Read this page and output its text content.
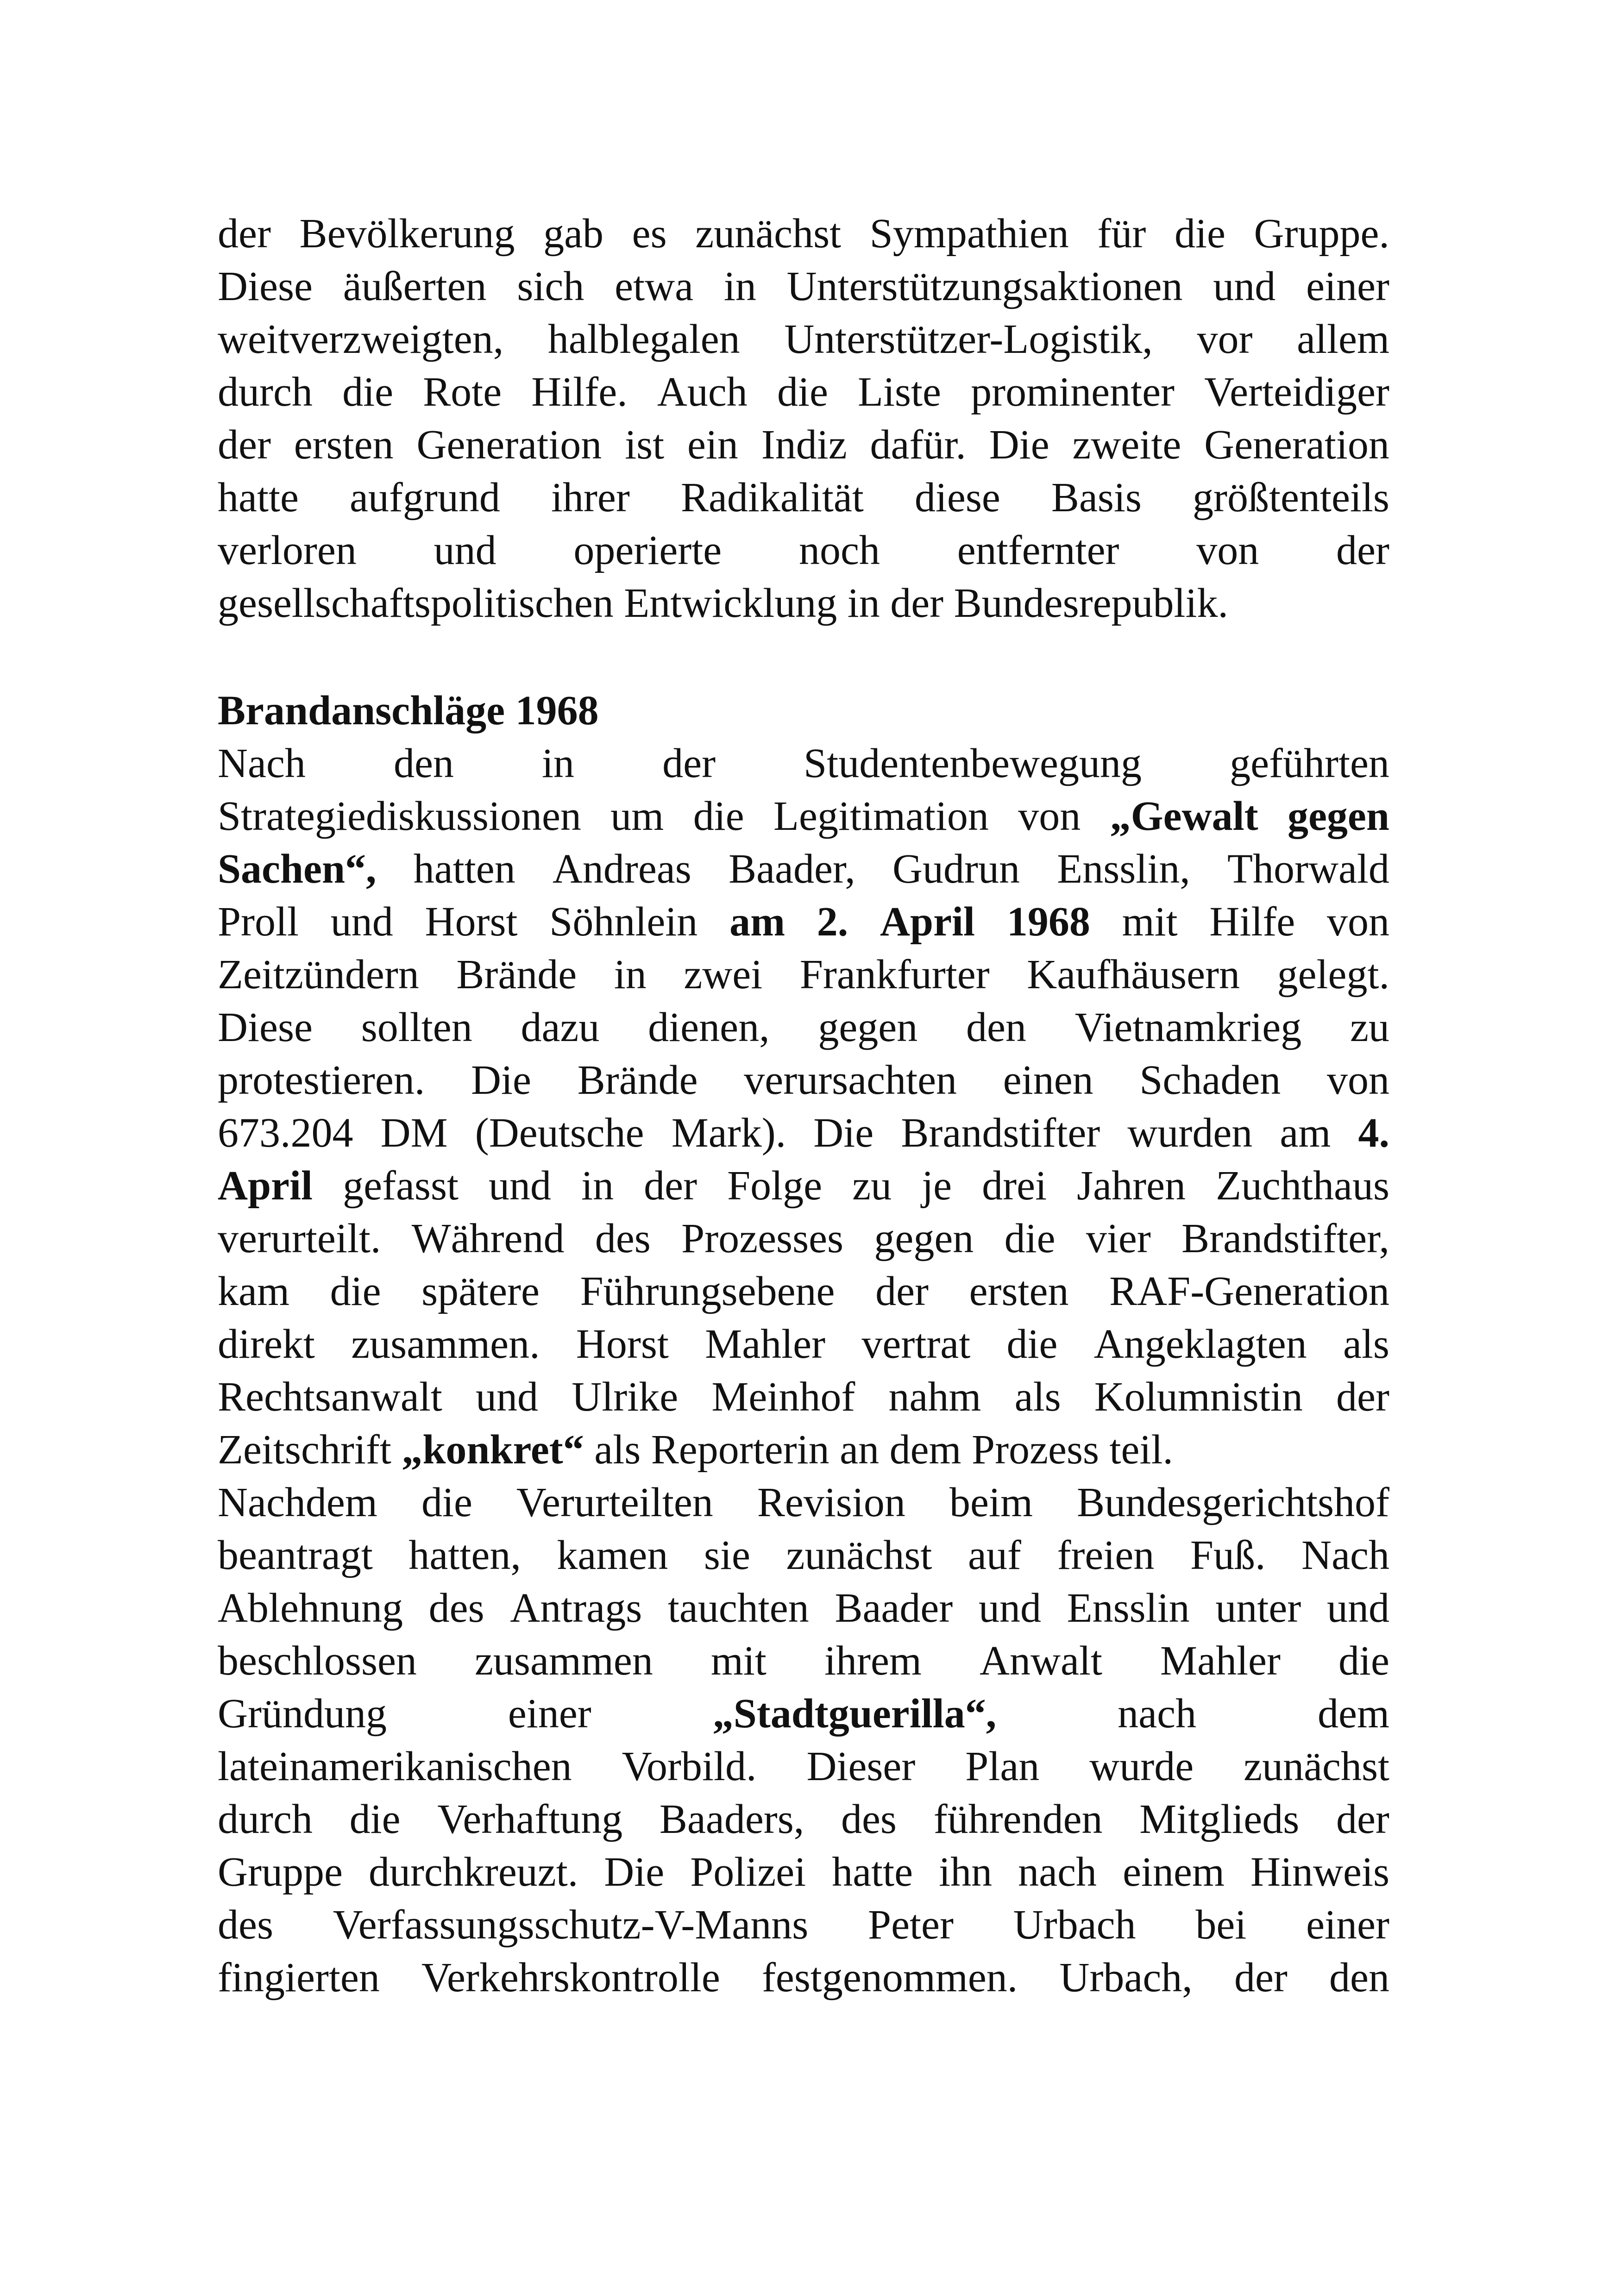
der Bevölkerung gab es zunächst Sympathien für die Gruppe.
Diese äußerten sich etwa in Unterstützungsaktionen und einer
weitverzweigten, halblegalen Unterstützer-Logistik, vor allem
durch die Rote Hilfe. Auch die Liste prominenter Verteidiger
der ersten Generation ist ein Indiz dafür. Die zweite Generation
hatte aufgrund ihrer Radikalität diese Basis größtenteils
verloren und operierte noch entfernter von der
gesellschaftspolitischen Entwicklung in der Bundesrepublik.
Brandanschläge 1968
Nach den in der Studentenbewegung geführten
Strategiediskussionen um die Legitimation von „Gewalt gegen
Sachen“, hatten Andreas Baader, Gudrun Ensslin, Thorwald
Proll und Horst Söhnlein am 2. April 1968 mit Hilfe von
Zeitzündern Brände in zwei Frankfurter Kaufhäusern gelegt.
Diese sollten dazu dienen, gegen den Vietnamkrieg zu
protestieren. Die Brände verursachten einen Schaden von
673.204 DM (Deutsche Mark). Die Brandstifter wurden am 4.
April gefasst und in der Folge zu je drei Jahren Zuchthaus
verurteilt. Während des Prozesses gegen die vier Brandstifter,
kam die spätere Führungsebene der ersten RAF-Generation
direkt zusammen. Horst Mahler vertrat die Angeklagten als
Rechtsanwalt und Ulrike Meinhof nahm als Kolumnistin der
Zeitschrift „konkret“ als Reporterin an dem Prozess teil.
Nachdem die Verurteilten Revision beim Bundesgerichtshof
beantragt hatten, kamen sie zunächst auf freien Fuß. Nach
Ablehnung des Antrags tauchten Baader und Ensslin unter und
beschlossen zusammen mit ihrem Anwalt Mahler die
Gründung	einer	„Stadtguerilla“,	nach	dem
lateinamerikanischen Vorbild. Dieser Plan wurde zunächst
durch die Verhaftung Baaders, des führenden Mitglieds der
Gruppe durchkreuzt. Die Polizei hatte ihn nach einem Hinweis
des Verfassungsschutz-V-Manns Peter Urbach bei einer
fingierten Verkehrskontrolle festgenommen. Urbach, der den
